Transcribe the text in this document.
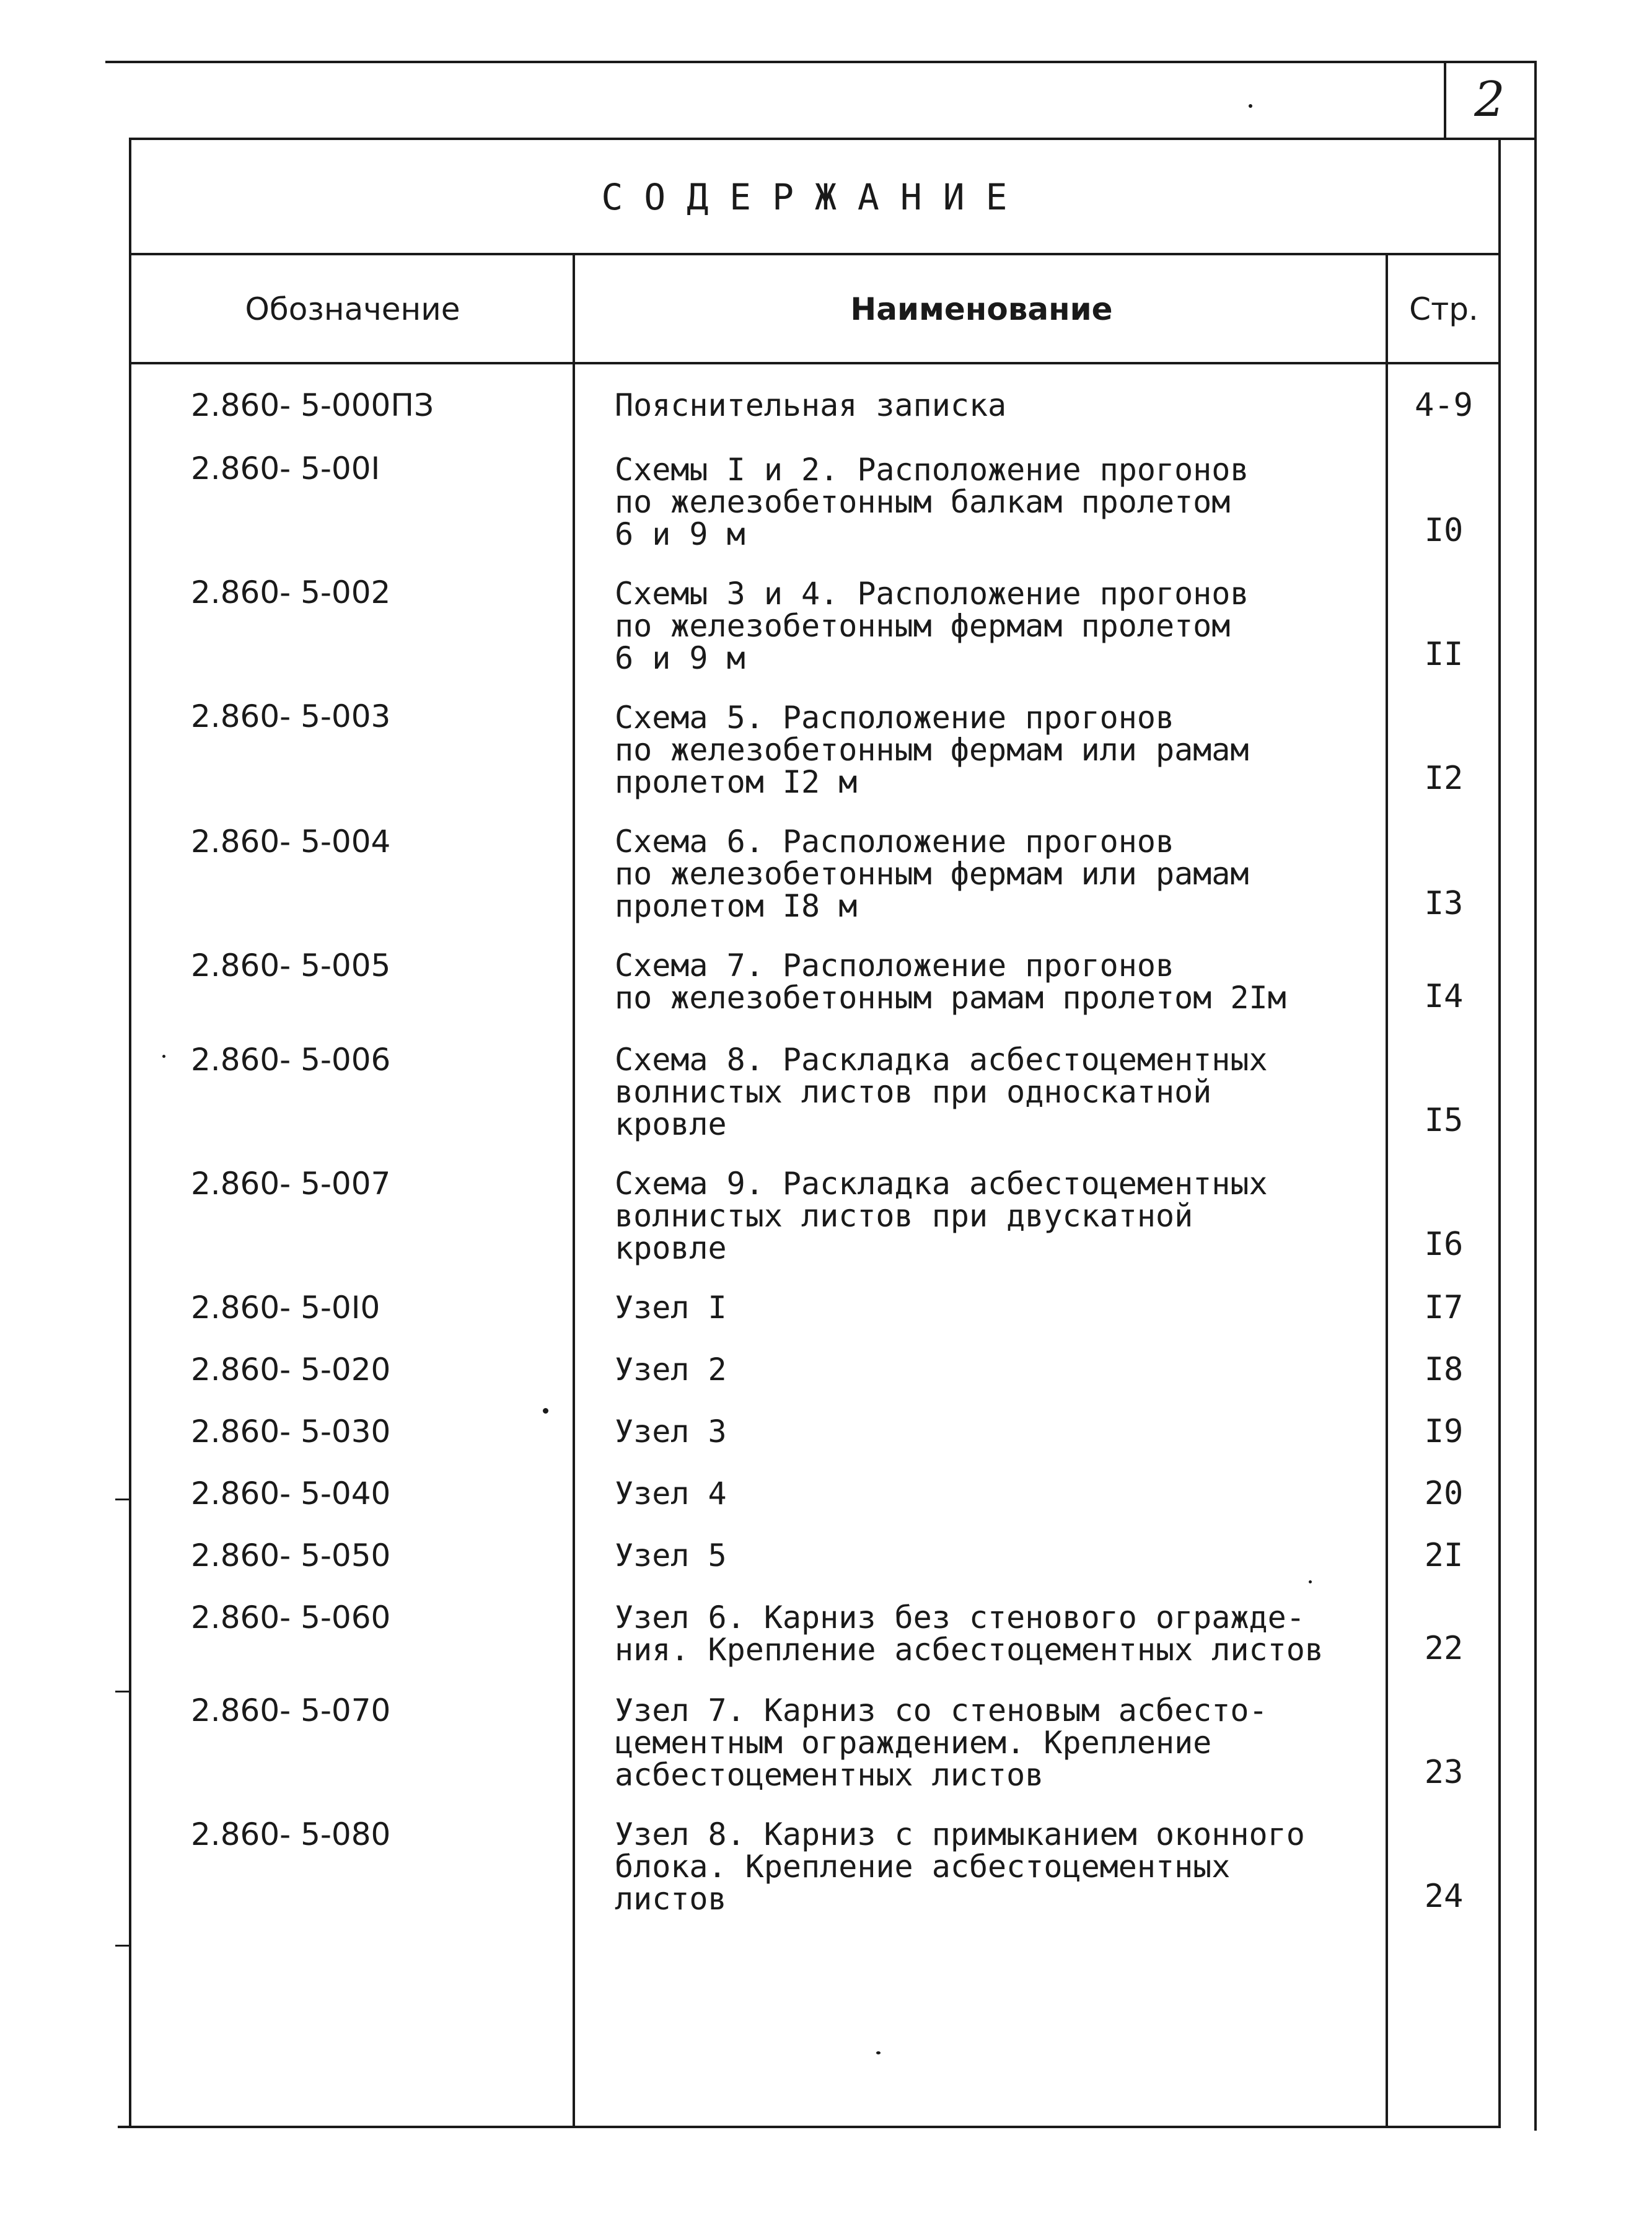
2
СОДЕРЖАНИЕ
Обозначение	Наименование	Стр.
2.860- 5-000ПЗ	Пояснительная записка	4-9
2.860- 5-00I	Схемы I и 2. Расположение прогонов
по железобетонным балкам пролетом
6 и 9 м	I0
2.860- 5-002	Схемы 3 и 4. Расположение прогонов
по железобетонным фермам пролетом
6 и 9 м	II
2.860- 5-003	Схема 5. Расположение прогонов
по железобетонным фермам или рамам
пролетом I2 м	I2
2.860- 5-004	Схема 6. Расположение прогонов
по железобетонным фермам или рамам
пролетом I8 м	I3
2.860- 5-005	Схема 7. Расположение прогонов
по железобетонным рамам пролетом 2Iм	I4
2.860- 5-006	Схема 8. Раскладка асбестоцементных
волнистых листов при односкатной
кровле	I5
2.860- 5-007	Схема 9. Раскладка асбестоцементных
волнистых листов при двускатной
кровле	I6
2.860- 5-0I0	Узел I	I7
2.860- 5-020	Узел 2	I8
2.860- 5-030	Узел 3	I9
2.860- 5-040	Узел 4	20
2.860- 5-050	Узел 5	2I
2.860- 5-060	Узел 6. Карниз без стенового огражде-
ния. Крепление асбестоцементных листов	22
2.860- 5-070	Узел 7. Карниз со стеновым асбесто-
цементным ограждением. Крепление
асбестоцементных листов	23
2.860- 5-080	Узел 8. Карниз с примыканием оконного
блока. Крепление асбестоцементных
листов	24
